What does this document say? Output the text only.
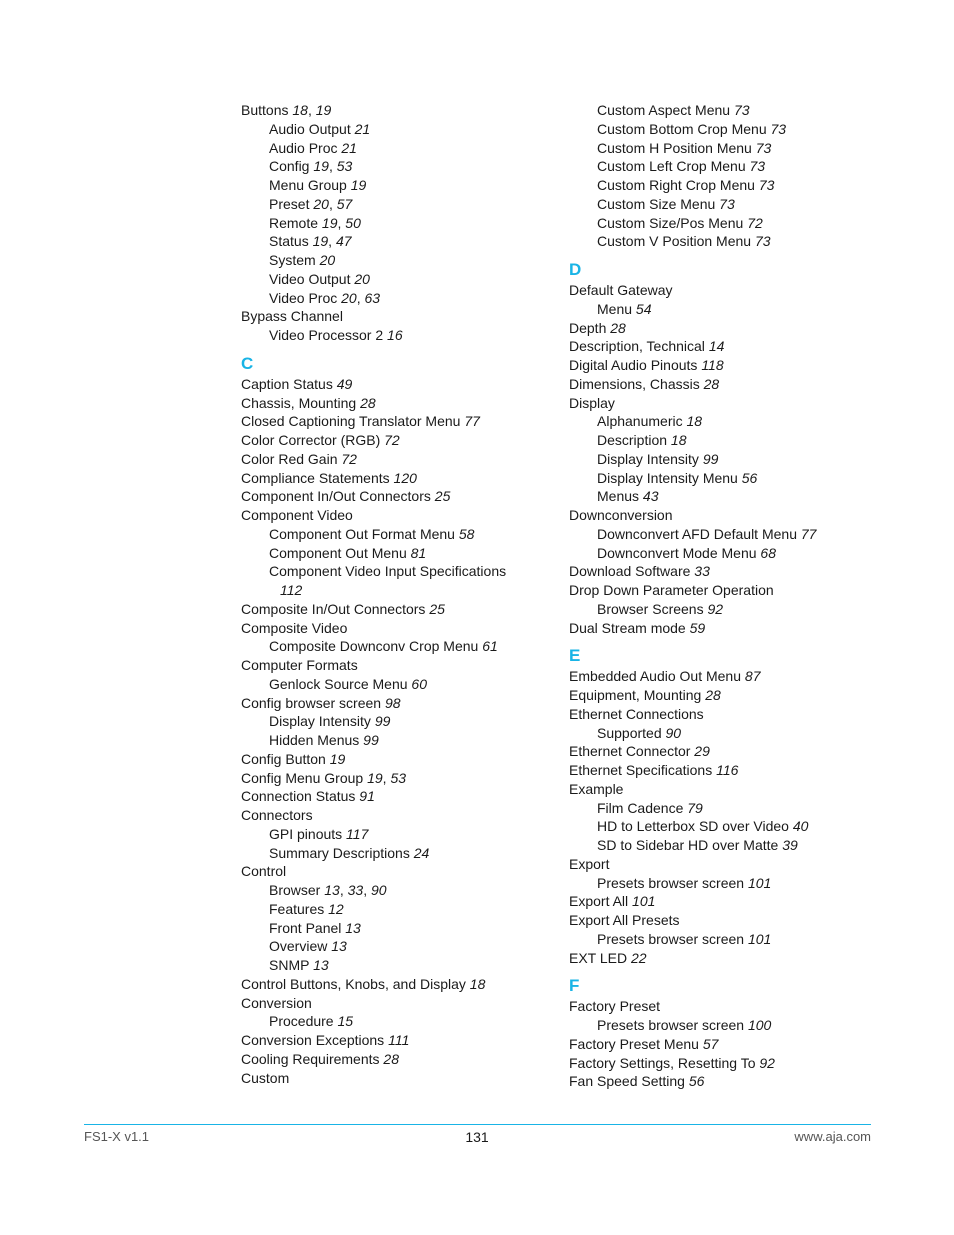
Buttons 18, 19
Audio Output 21
Audio Proc 21
Config 19, 53
Menu Group 19
Preset 20, 57
Remote 19, 50
Status 19, 47
System 20
Video Output 20
Video Proc 20, 63
Bypass Channel
Video Processor 2 16
C
Caption Status 49
Chassis, Mounting 28
Closed Captioning Translator Menu 77
Color Corrector (RGB) 72
Color Red Gain 72
Compliance Statements 120
Component In/Out Connectors 25
Component Video
Component Out Format Menu 58
Component Out Menu 81
Component Video Input Specifications
112
Composite In/Out Connectors 25
Composite Video
Composite Downconv Crop Menu 61
Computer Formats
Genlock Source Menu 60
Config browser screen 98
Display Intensity 99
Hidden Menus 99
Config Button 19
Config Menu Group 19, 53
Connection Status 91
Connectors
GPI pinouts 117
Summary Descriptions 24
Control
Browser 13, 33, 90
Features 12
Front Panel 13
Overview 13
SNMP 13
Control Buttons, Knobs, and Display 18
Conversion
Procedure 15
Conversion Exceptions 111
Cooling Requirements 28
Custom
Custom Aspect Menu 73
Custom Bottom Crop Menu 73
Custom H Position Menu 73
Custom Left Crop Menu 73
Custom Right Crop Menu 73
Custom Size Menu 73
Custom Size/Pos Menu 72
Custom V Position Menu 73
D
Default Gateway
Menu 54
Depth 28
Description, Technical 14
Digital Audio Pinouts 118
Dimensions, Chassis 28
Display
Alphanumeric 18
Description 18
Display Intensity 99
Display Intensity Menu 56
Menus 43
Downconversion
Downconvert AFD Default Menu 77
Downconvert Mode Menu 68
Download Software 33
Drop Down Parameter Operation
Browser Screens 92
Dual Stream mode 59
E
Embedded Audio Out Menu 87
Equipment, Mounting 28
Ethernet Connections
Supported 90
Ethernet Connector 29
Ethernet Specifications 116
Example
Film Cadence 79
HD to Letterbox SD over Video 40
SD to Sidebar HD over Matte 39
Export
Presets browser screen 101
Export All 101
Export All Presets
Presets browser screen 101
EXT LED 22
F
Factory Preset
Presets browser screen 100
Factory Preset Menu 57
Factory Settings, Resetting To 92
Fan Speed Setting 56
FS1-X v1.1	131	www.aja.com
